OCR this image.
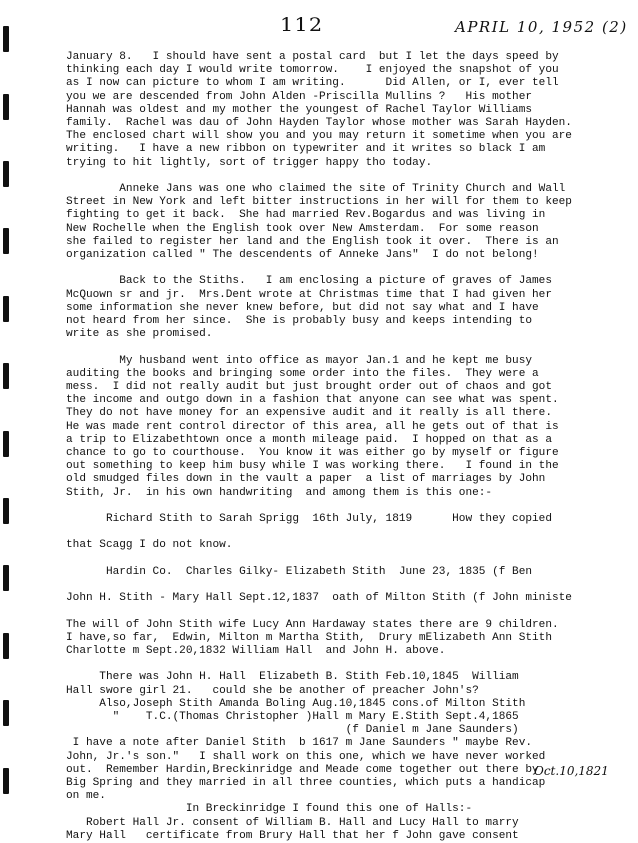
112	APRIL 10, 1952 (2)
January 8.   I should have sent a postal card  but I let the days speed by
thinking each day I would write tomorrow.    I enjoyed the snapshot of you
as I now can picture to whom I am writing.      Did Allen, or I, ever tell
you we are descended from John Alden -Priscilla Mullins ?   His mother
Hannah was oldest and my mother the youngest of Rachel Taylor Williams
family.  Rachel was dau of John Hayden Taylor whose mother was Sarah Hayden.
The enclosed chart will show you and you may return it sometime when you are
writing.   I have a new ribbon on typewriter and it writes so black I am
trying to hit lightly, sort of trigger happy tho today.
Anneke Jans was one who claimed the site of Trinity Church and Wall
Street in New York and left bitter instructions in her will for them to keep
fighting to get it back.  She had married Rev.Bogardus and was living in
New Rochelle when the English took over New Amsterdam.  For some reason
she failed to register her land and the English took it over.  There is an
organization called " The descendents of Anneke Jans"  I do not belong!
Back to the Stiths.   I am enclosing a picture of graves of James
McQuown sr and jr.  Mrs.Dent wrote at Christmas time that I had given her
some information she never knew before, but did not say what and I have
not heard from her since.  She is probably busy and keeps intending to
write as she promised.
My husband went into office as mayor Jan.1 and he kept me busy
auditing the books and bringing some order into the files.  They were a
mess.  I did not really audit but just brought order out of chaos and got
the income and outgo down in a fashion that anyone can see what was spent.
They do not have money for an expensive audit and it really is all there.
He was made rent control director of this area, all he gets out of that is
a trip to Elizabethtown once a month mileage paid.  I hopped on that as a
chance to go to courthouse.  You know it was either go by myself or figure
out something to keep him busy while I was working there.   I found in the
old smudged files down in the vault a paper  a list of marriages by John
Stith, Jr.  in his own handwriting  and among them is this one:-
Richard Stith to Sarah Sprigg  16th July, 1819      How they copied
that Scagg I do not know.
Hardin Co.  Charles Gilky- Elizabeth Stith  June 23, 1835 (f Ben
John H. Stith - Mary Hall Sept.12,1837  oath of Milton Stith (f John ministe
The will of John Stith wife Lucy Ann Hardaway states there are 9 children.
I have,so far,  Edwin, Milton m Martha Stith,  Drury mElizabeth Ann Stith
Charlotte m Sept.20,1832 William Hall  and John H. above.
There was John H. Hall  Elizabeth B. Stith Feb.10,1845  William
Hall swore girl 21.   could she be another of preacher John's?
Also,Joseph Stith Amanda Boling Aug.10,1845 cons.of Milton Stith
"    T.C.(Thomas Christopher )Hall m Mary E.Stith Sept.4,1865
(f Daniel m Jane Saunders)
I have a note after Daniel Stith  b 1617 m Jane Saunders " maybe Rev.
John, Jr.'s son."   I shall work on this one, which we have never worked
out.  Remember Hardin,Breckinridge and Meade come together out there by
Big Spring and they married in all three counties, which puts a handicap
on me.
In Breckinridge I found this one of Halls:-
Robert Hall Jr. consent of William B. Hall and Lucy Hall to marry
Mary Hall   certificate from Brury Hall that her f John gave consent
Oct.10,1821
